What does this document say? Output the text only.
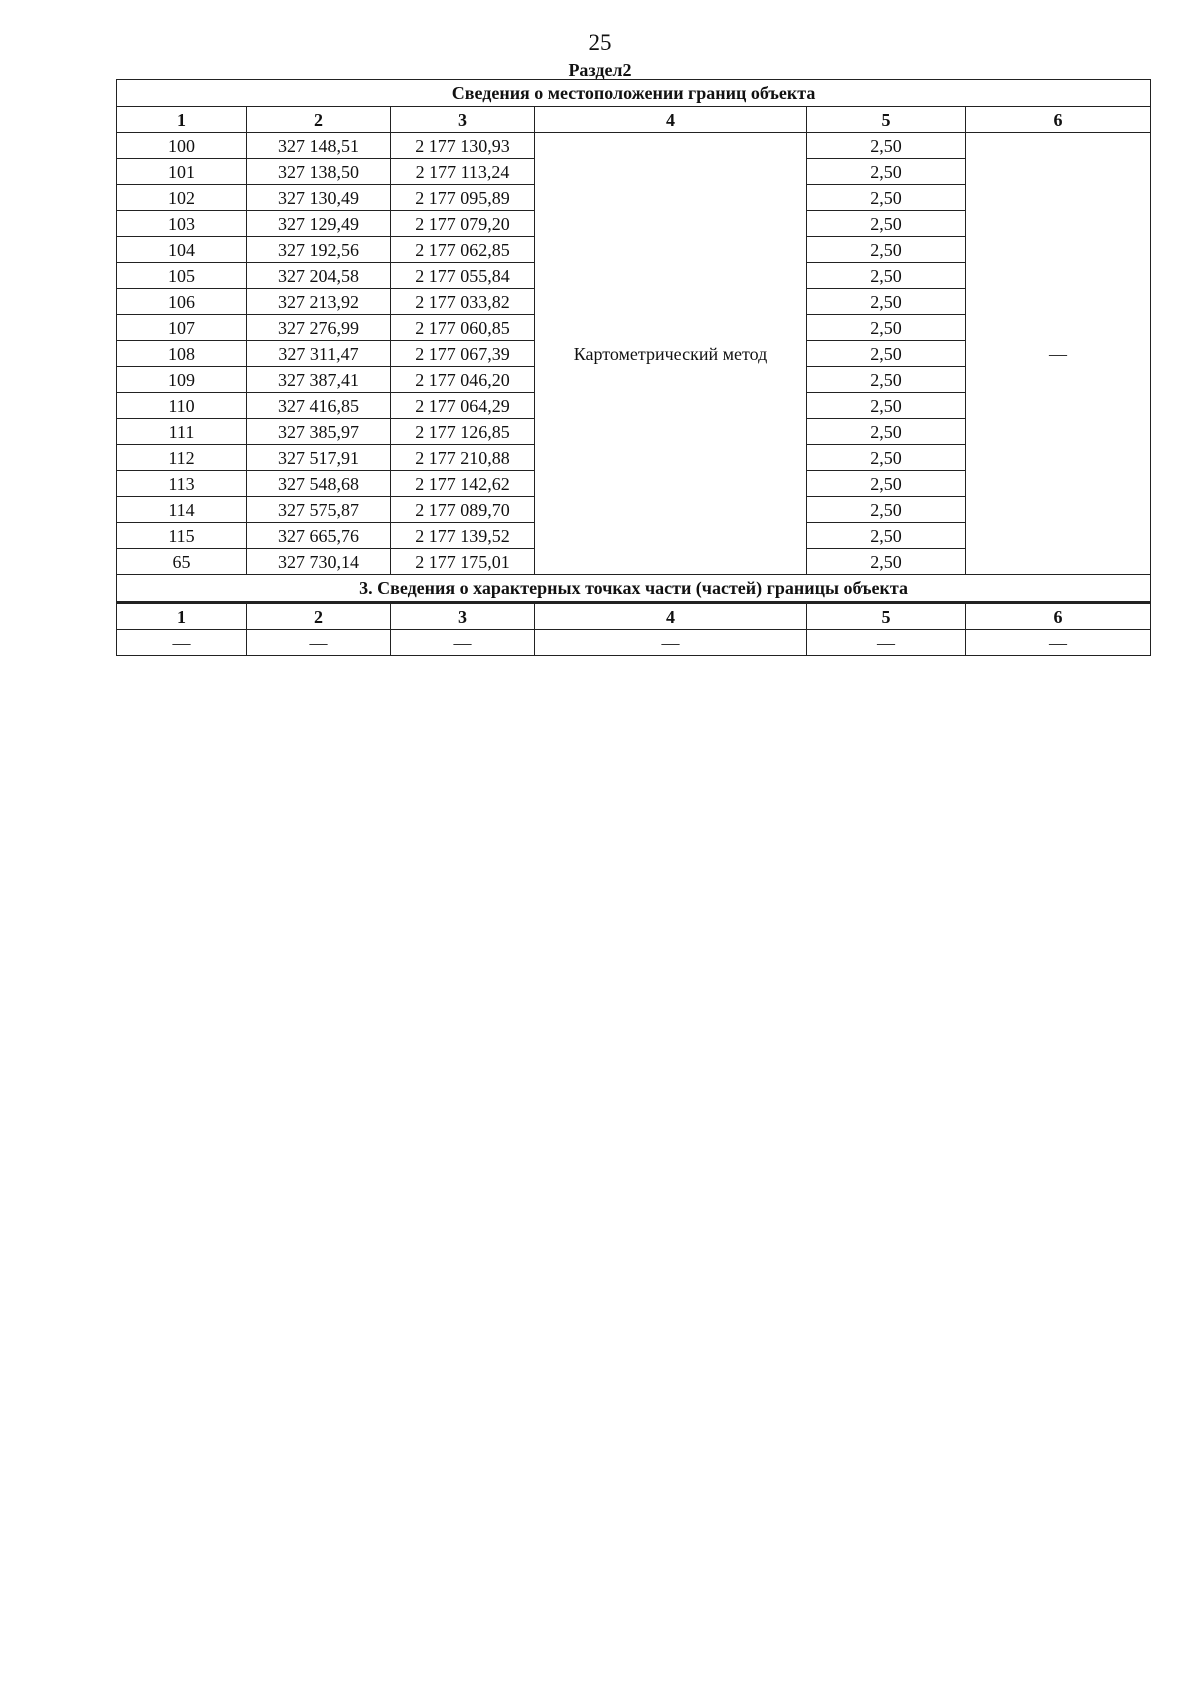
25
Раздел2
Сведения о местоположении границ объекта					
1	2	3	4	5	6
100	327 148,51	2 177 130,93	Картометрический метод	2,50	—
101	327 138,50	2 177 113,24		2,50	
102	327 130,49	2 177 095,89		2,50	
103	327 129,49	2 177 079,20		2,50	
104	327 192,56	2 177 062,85		2,50	
105	327 204,58	2 177 055,84		2,50	
106	327 213,92	2 177 033,82		2,50	
107	327 276,99	2 177 060,85		2,50	
108	327 311,47	2 177 067,39		2,50	
109	327 387,41	2 177 046,20		2,50	
110	327 416,85	2 177 064,29		2,50	
111	327 385,97	2 177 126,85		2,50	
112	327 517,91	2 177 210,88		2,50	
113	327 548,68	2 177 142,62		2,50	
114	327 575,87	2 177 089,70		2,50	
115	327 665,76	2 177 139,52		2,50	
65	327 730,14	2 177 175,01		2,50	
3. Сведения о характерных точках части (частей) границы объекта					
1	2	3	4	5	6
—	—	—	—	—	—
